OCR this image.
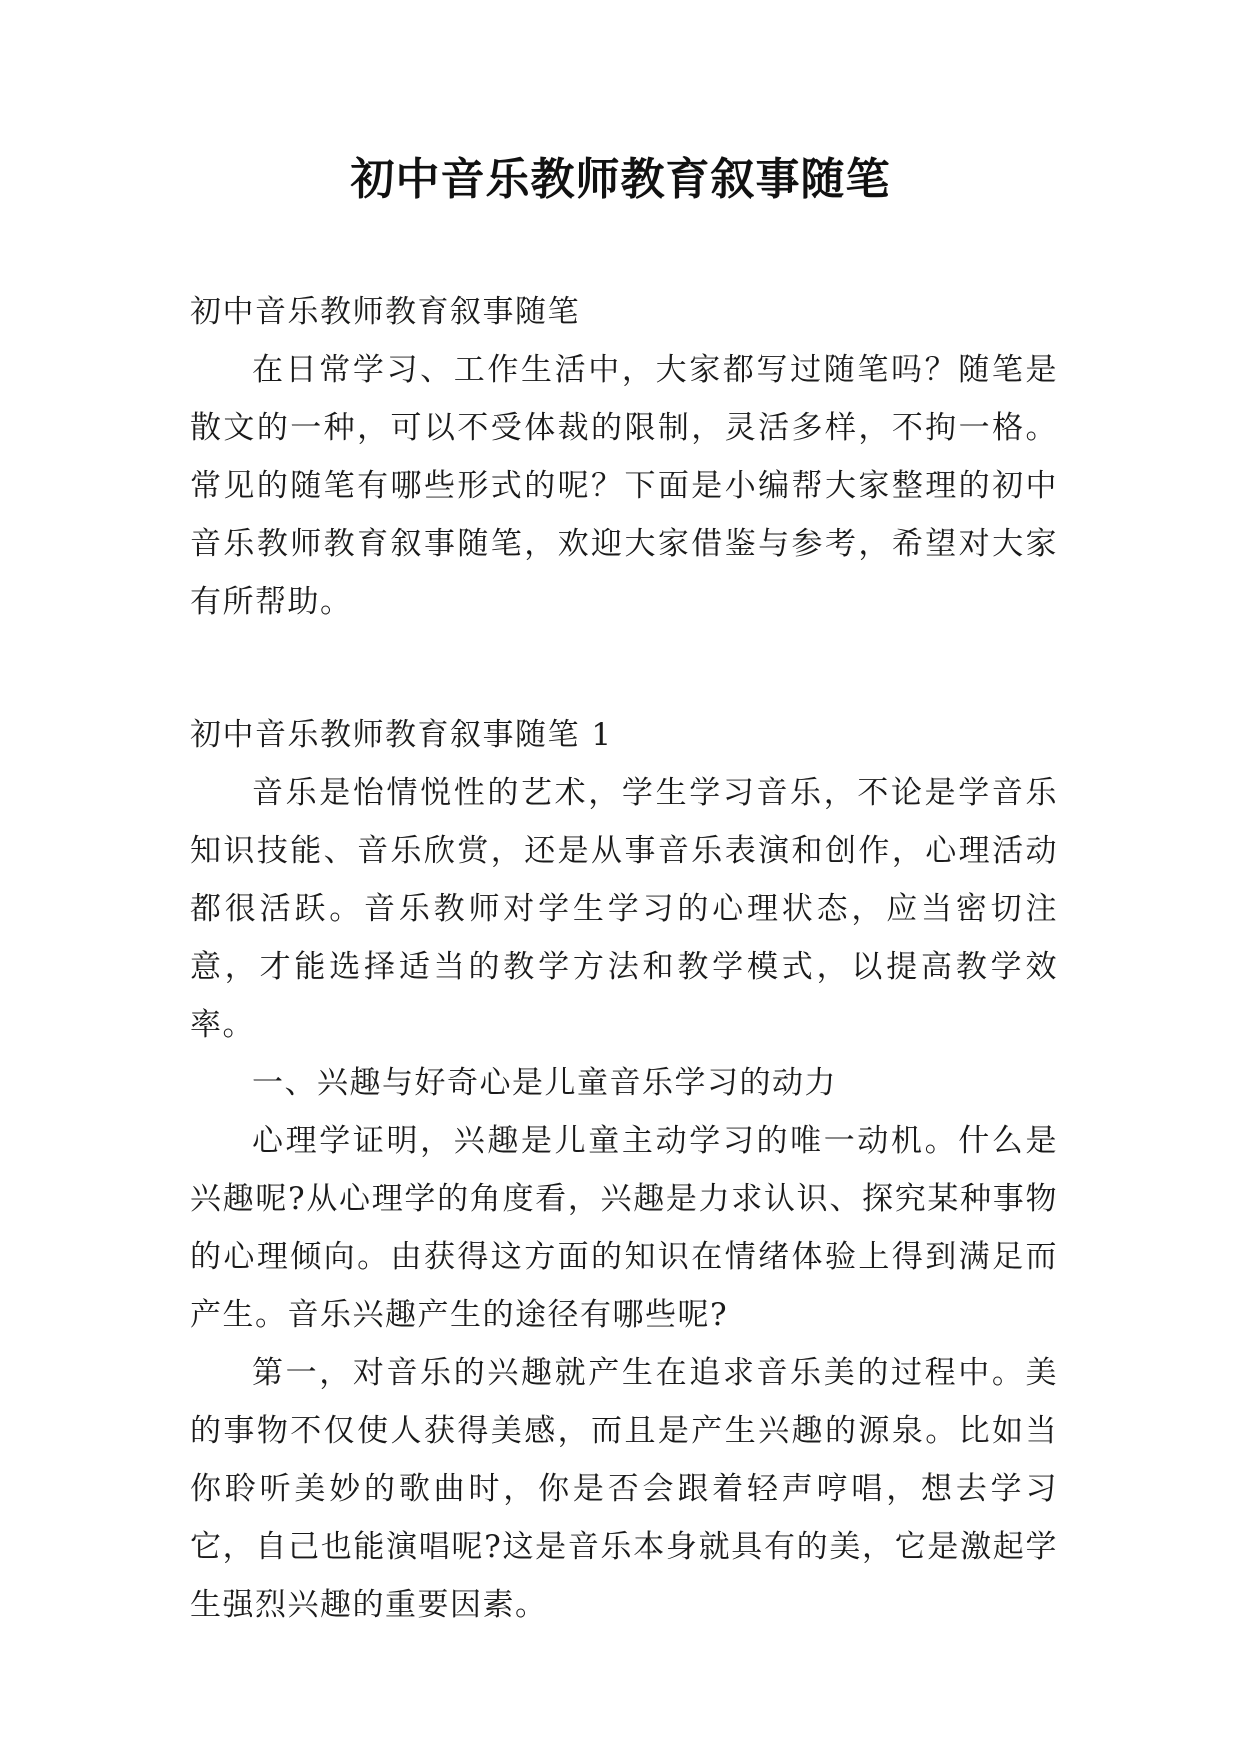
初中音乐教师教育叙事随笔

初中音乐教师教育叙事随笔

在日常学习、工作生活中，大家都写过随笔吗？随笔是散文的一种，可以不受体裁的限制，灵活多样，不拘一格。常见的随笔有哪些形式的呢？下面是小编帮大家整理的初中音乐教师教育叙事随笔，欢迎大家借鉴与参考，希望对大家有所帮助。

初中音乐教师教育叙事随笔 1

音乐是怡情悦性的艺术，学生学习音乐，不论是学音乐知识技能、音乐欣赏，还是从事音乐表演和创作，心理活动都很活跃。音乐教师对学生学习的心理状态，应当密切注意，才能选择适当的教学方法和教学模式，以提高教学效率。

一、兴趣与好奇心是儿童音乐学习的动力

心理学证明，兴趣是儿童主动学习的唯一动机。什么是兴趣呢?从心理学的角度看，兴趣是力求认识、探究某种事物的心理倾向。由获得这方面的知识在情绪体验上得到满足而产生。音乐兴趣产生的途径有哪些呢?

第一，对音乐的兴趣就产生在追求音乐美的过程中。美的事物不仅使人获得美感，而且是产生兴趣的源泉。比如当你聆听美妙的歌曲时，你是否会跟着轻声哼唱，想去学习它，自己也能演唱呢?这是音乐本身就具有的美，它是激起学生强烈兴趣的重要因素。
